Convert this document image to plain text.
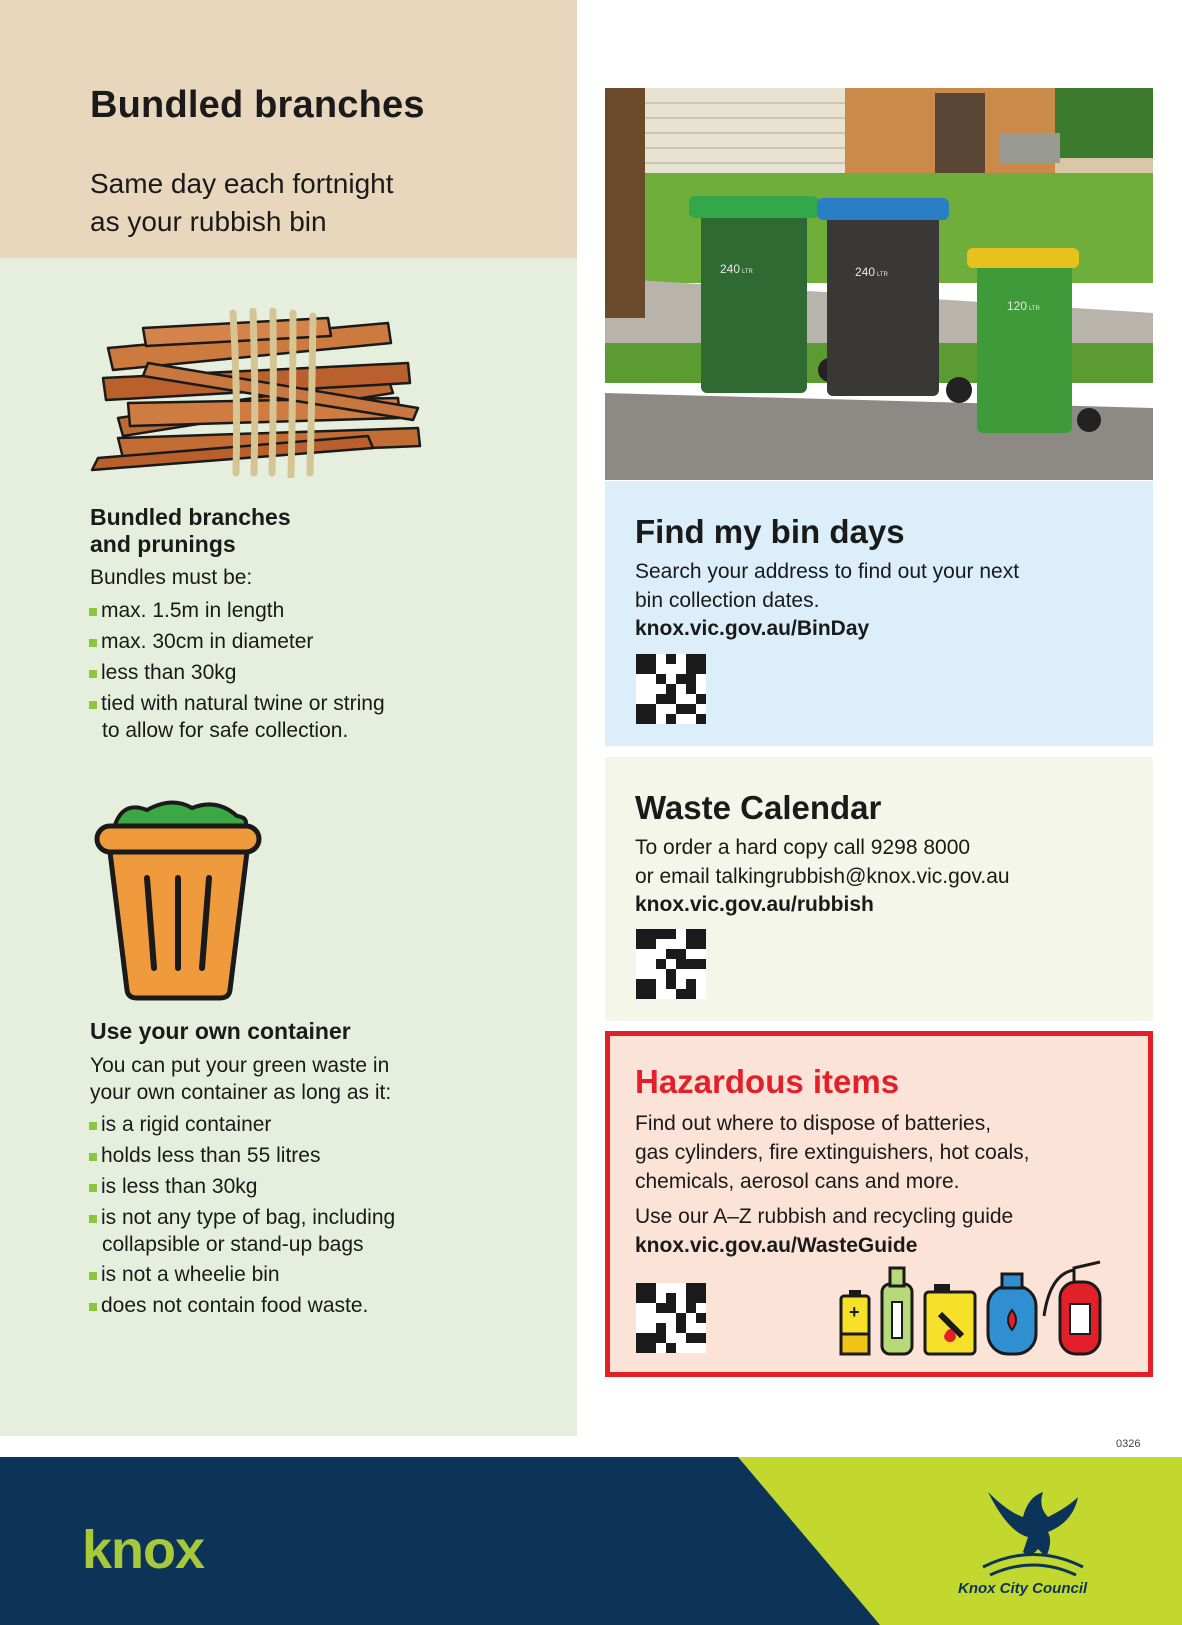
Bundled branches
Same day each fortnight
as your rubbish bin
Bundled branches
and prunings
Bundles must be:
max. 1.5m in length
max. 30cm in diameter
less than 30kg
tied with natural twine or string
to allow for safe collection.
Use your own container
You can put your green waste in
your own container as long as it:
is a rigid container
holds less than 55 litres
is less than 30kg
is not any type of bag, including
collapsible or stand-up bags
is not a wheelie bin
does not contain food waste.
240 LTR	240 LTR
120 LTR
Find my bin days
Search your address to find out your next
bin collection dates.
knox.vic.gov.au/BinDay
Waste Calendar
To order a hard copy call 9298 8000
or email talkingrubbish@knox.vic.gov.au
knox.vic.gov.au/rubbish
Hazardous items
Find out where to dispose of batteries,
gas cylinders, fire extinguishers, hot coals,
chemicals, aerosol cans and more.
Use our A–Z rubbish and recycling guide
knox.vic.gov.au/WasteGuide
+
0326
knox
Knox City Council
